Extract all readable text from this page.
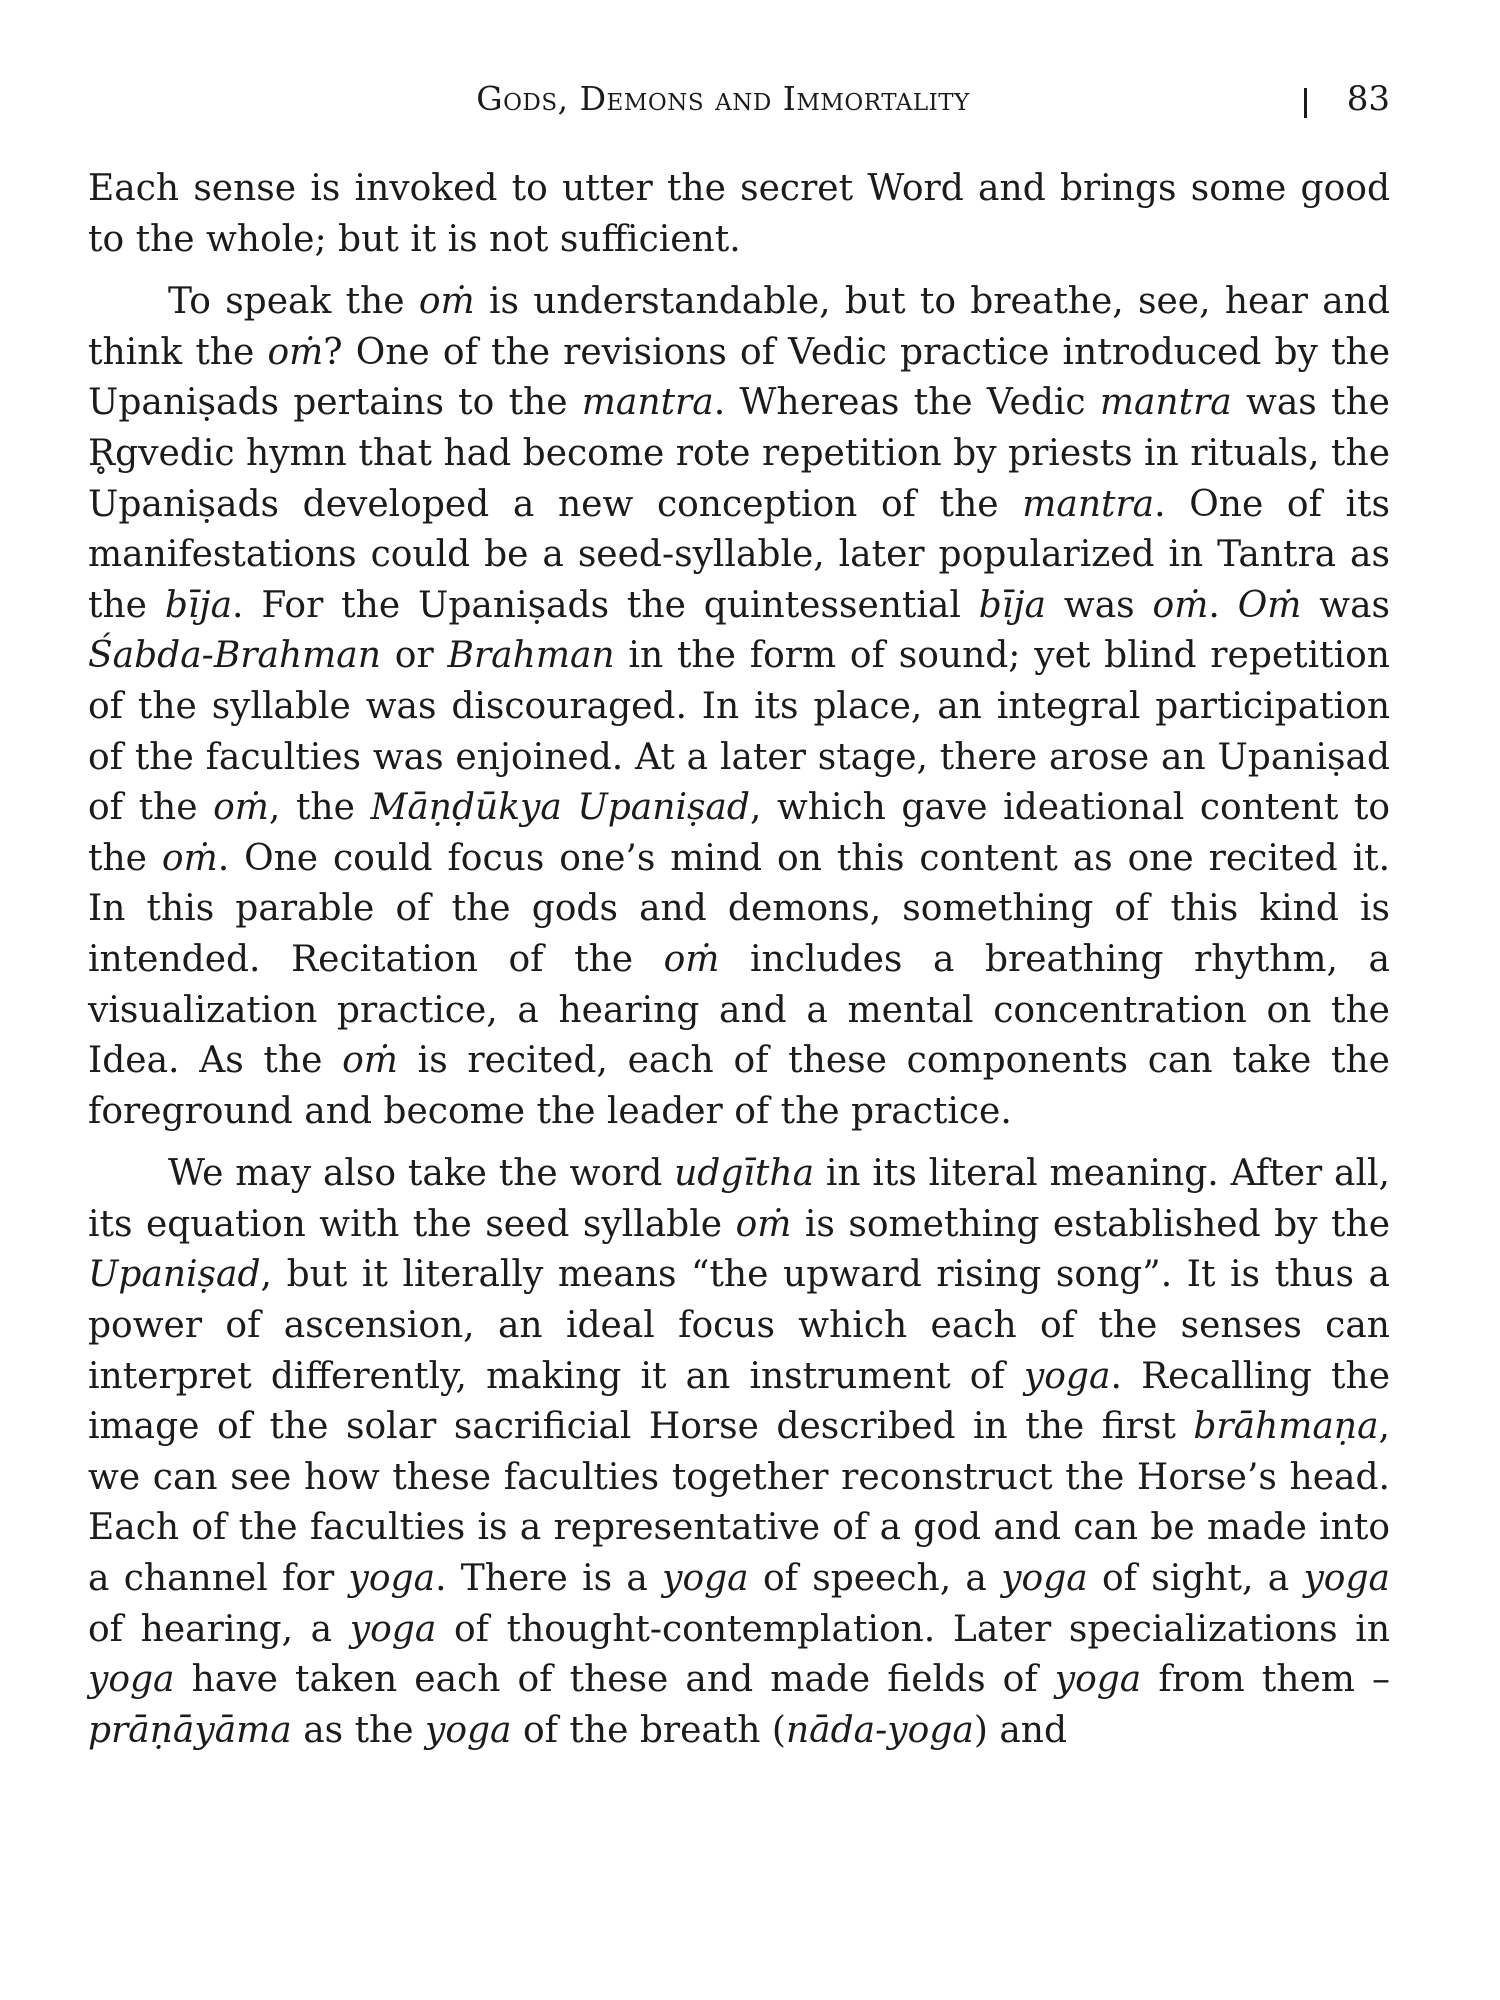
Gods, Demons and Immortality	83

Each sense is invoked to utter the secret Word and brings some good to the whole; but it is not sufficient.

To speak the oṁ is understandable, but to breathe, see, hear and think the oṁ? One of the revisions of Vedic practice introduced by the Upaniṣads pertains to the mantra. Whereas the Vedic mantra was the R̥gvedic hymn that had become rote repetition by priests in rituals, the Upaniṣads developed a new conception of the mantra. One of its manifestations could be a seed-syllable, later popularized in Tantra as the bīja. For the Upaniṣads the quintessential bīja was oṁ. Oṁ was Śabda-Brahman or Brahman in the form of sound; yet blind repetition of the syllable was discouraged. In its place, an integral participation of the faculties was enjoined. At a later stage, there arose an Upaniṣad of the oṁ, the Māṇḍūkya Upaniṣad, which gave ideational content to the oṁ. One could focus one’s mind on this content as one recited it. In this parable of the gods and demons, something of this kind is intended. Recitation of the oṁ includes a breathing rhythm, a visualization practice, a hearing and a mental concentration on the Idea. As the oṁ is recited, each of these components can take the foreground and become the leader of the practice.

We may also take the word udgītha in its literal meaning. After all, its equation with the seed syllable oṁ is something established by the Upaniṣad, but it literally means “the upward rising song”. It is thus a power of ascension, an ideal focus which each of the senses can interpret differently, making it an instrument of yoga. Recalling the image of the solar sacrificial Horse described in the first brāhmaṇa, we can see how these faculties together reconstruct the Horse’s head. Each of the faculties is a representative of a god and can be made into a channel for yoga. There is a yoga of speech, a yoga of sight, a yoga of hearing, a yoga of thought-contemplation. Later specializations in yoga have taken each of these and made fields of yoga from them – prāṇāyāma as the yoga of the breath (nāda-yoga) and
